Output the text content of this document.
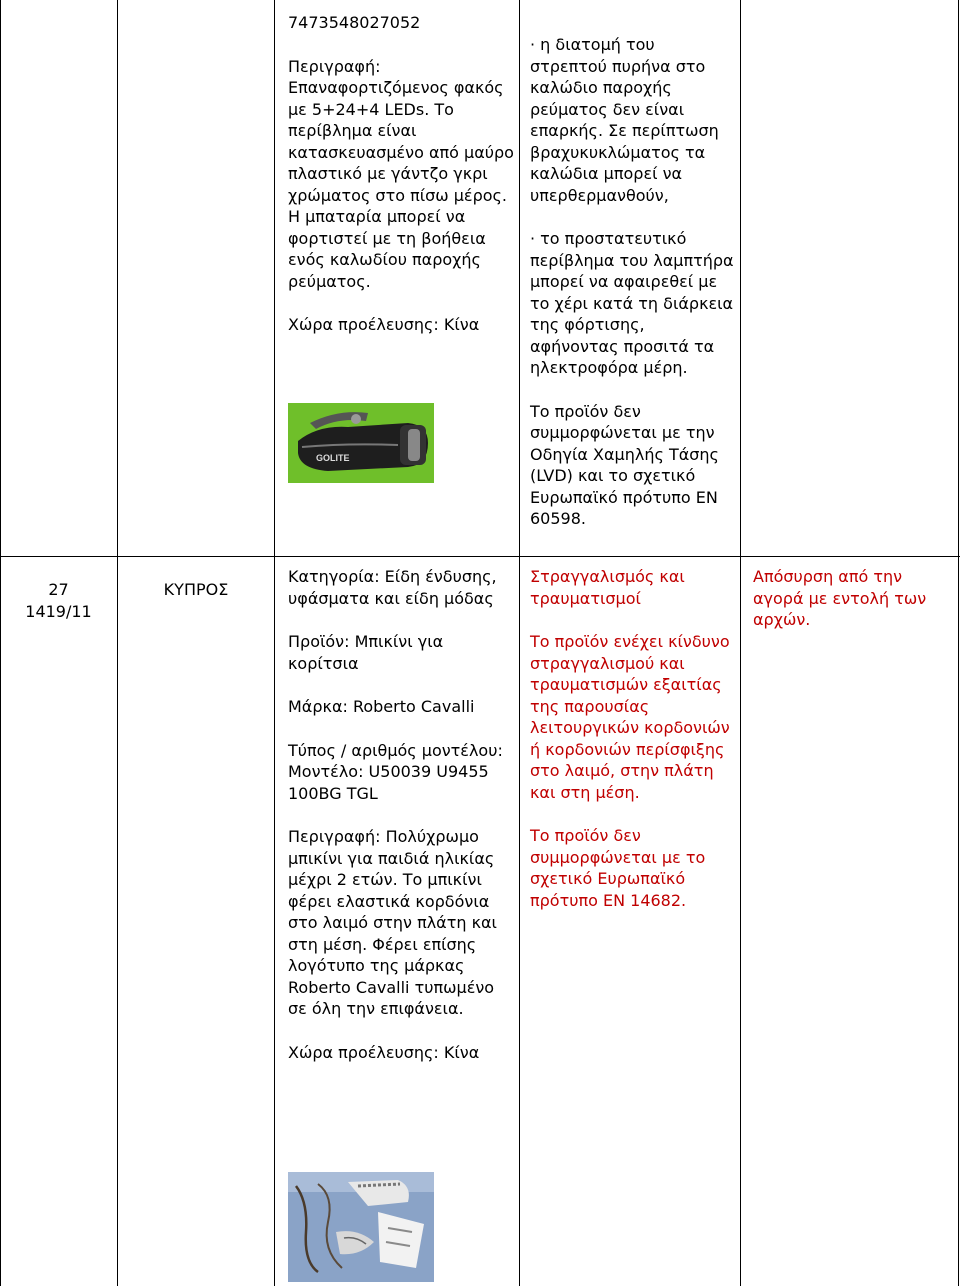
7473548027052

Περιγραφή: Επαναφορτιζόμενος φακός με 5+24+4 LEDs. Το περίβλημα είναι κατασκευασμένο από μαύρο πλαστικό με γάντζο γκρι χρώματος στο πίσω μέρος. Η μπαταρία μπορεί να φορτιστεί με τη βοήθεια ενός καλωδίου παροχής ρεύματος.

Χώρα προέλευσης: Κίνα

GOLITE

· η διατομή του στρεπτού πυρήνα στο καλώδιο παροχής ρεύματος δεν είναι επαρκής. Σε περίπτωση βραχυκυκλώματος τα καλώδια μπορεί να υπερθερμανθούν,

· το προστατευτικό περίβλημα του λαμπτήρα μπορεί να αφαιρεθεί με το χέρι κατά τη διάρκεια της φόρτισης, αφήνοντας προσιτά τα ηλεκτροφόρα μέρη.

Το προϊόν δεν συμμορφώνεται με την Οδηγία Χαμηλής Τάσης (LVD) και το σχετικό Ευρωπαϊκό πρότυπο EN 60598.

27
1419/11
ΚΥΠΡΟΣ

Κατηγορία: Είδη ένδυσης, υφάσματα και είδη μόδας

Προϊόν: Μπικίνι για κορίτσια

Μάρκα: Roberto Cavalli

Τύπος / αριθμός μοντέλου: Μοντέλο: U50039 U9455 100BG TGL

Περιγραφή: Πολύχρωμο μπικίνι για παιδιά ηλικίας μέχρι 2 ετών. Το μπικίνι φέρει ελαστικά κορδόνια στο λαιμό στην πλάτη και στη μέση. Φέρει επίσης λογότυπο της μάρκας Roberto Cavalli τυπωμένο σε όλη την επιφάνεια.

Χώρα προέλευσης: Κίνα

Στραγγαλισμός και τραυματισμοί

Το προϊόν ενέχει κίνδυνο στραγγαλισμού και τραυματισμών εξαιτίας της παρουσίας λειτουργικών κορδονιών ή κορδονιών περίσφιξης στο λαιμό, στην πλάτη και στη μέση.

Το προϊόν δεν συμμορφώνεται με το σχετικό Ευρωπαϊκό πρότυπο EN 14682.

Απόσυρση από την αγορά με εντολή των αρχών.
